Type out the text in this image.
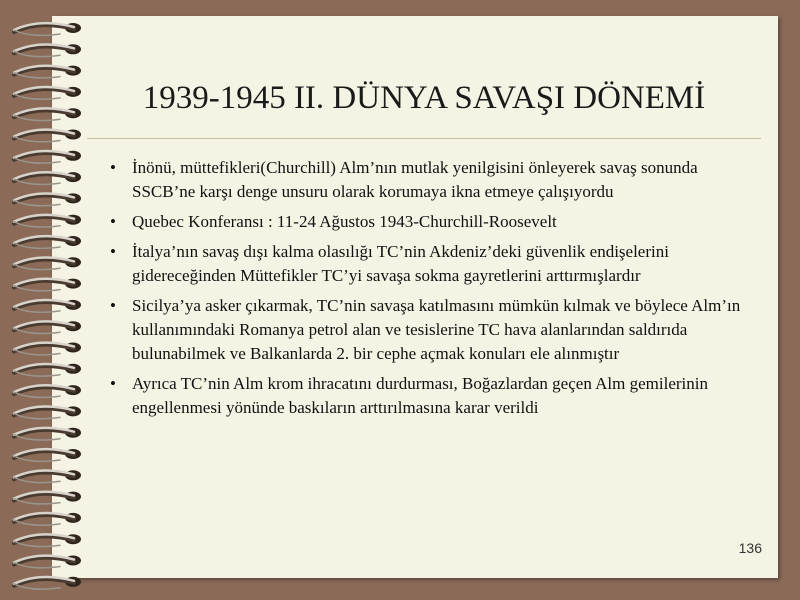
1939-1945 II. DÜNYA SAVAŞI DÖNEMİ
• İnönü, müttefikleri(Churchill) Alm’nın mutlak yenilgisini önleyerek savaş sonunda SSCB’ne karşı denge unsuru olarak korumaya ikna etmeye çalışıyordu
• Quebec Konferansı : 11-24 Ağustos 1943-Churchill-Roosevelt
• İtalya’nın savaş dışı kalma olasılığı TC’nin Akdeniz’deki güvenlik endişelerini gidereceğinden Müttefikler TC’yi savaşa sokma gayretlerini arttırmışlardır
• Sicilya’ya asker çıkarmak, TC’nin savaşa katılmasını mümkün kılmak ve böylece Alm’ın kullanımındaki Romanya petrol alan ve tesislerine TC hava alanlarından saldırıda bulunabilmek ve Balkanlarda 2. bir cephe açmak konuları ele alınmıştır
• Ayrıca TC’nin Alm krom ihracatını durdurması, Boğazlardan geçen Alm gemilerinin engellenmesi yönünde baskıların arttırılmasına karar verildi
136
